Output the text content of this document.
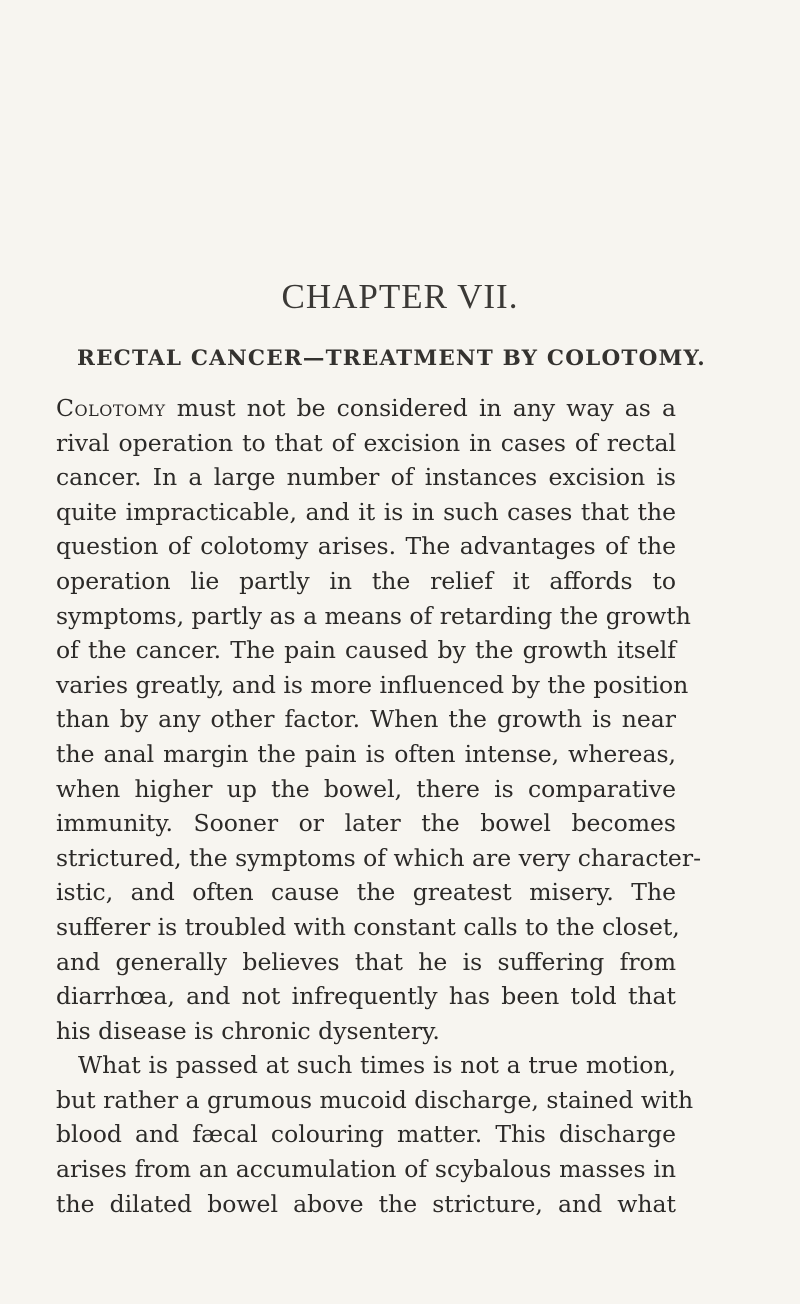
CHAPTER VII.
RECTAL CANCER—TREATMENT BY COLOTOMY.
Colotomy must not be considered in any way as a
rival operation to that of excision in cases of rectal
cancer. In a large number of instances excision is
quite impracticable, and it is in such cases that the
question of colotomy arises. The advantages of the
operation lie partly in the relief it affords to
symptoms, partly as a means of retarding the growth
of the cancer. The pain caused by the growth itself
varies greatly, and is more influenced by the position
than by any other factor. When the growth is near
the anal margin the pain is often intense, whereas,
when higher up the bowel, there is comparative
immunity. Sooner or later the bowel becomes
strictured, the symptoms of which are very character-
istic, and often cause the greatest misery. The
sufferer is troubled with constant calls to the closet,
and generally believes that he is suffering from
diarrhœa, and not infrequently has been told that
his disease is chronic dysentery.
What is passed at such times is not a true motion,
but rather a grumous mucoid discharge, stained with
blood and fæcal colouring matter. This discharge
arises from an accumulation of scybalous masses in
the dilated bowel above the stricture, and what
